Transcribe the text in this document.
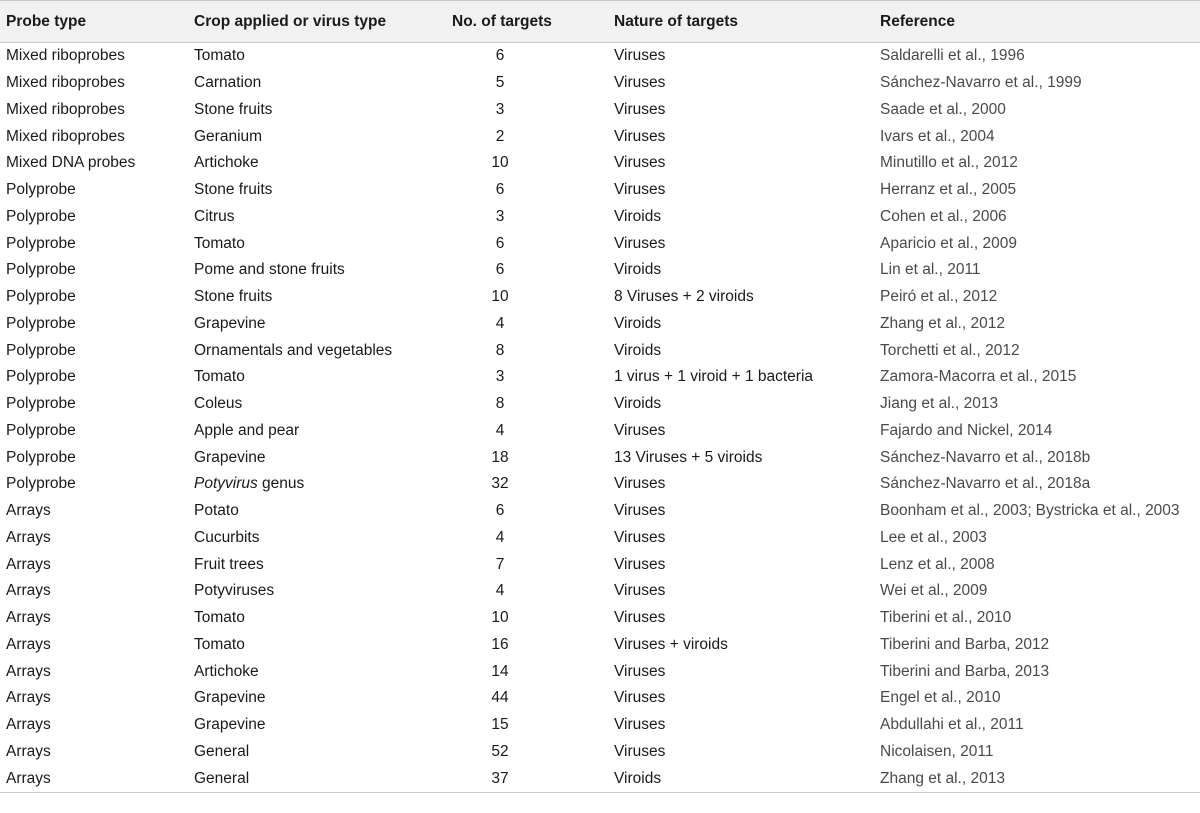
Probe type	Crop applied or virus type	No. of targets	Nature of targets	Reference
Mixed riboprobes	Tomato	6	Viruses	Saldarelli et al., 1996
Mixed riboprobes	Carnation	5	Viruses	Sánchez-Navarro et al., 1999
Mixed riboprobes	Stone fruits	3	Viruses	Saade et al., 2000
Mixed riboprobes	Geranium	2	Viruses	Ivars et al., 2004
Mixed DNA probes	Artichoke	10	Viruses	Minutillo et al., 2012
Polyprobe	Stone fruits	6	Viruses	Herranz et al., 2005
Polyprobe	Citrus	3	Viroids	Cohen et al., 2006
Polyprobe	Tomato	6	Viruses	Aparicio et al., 2009
Polyprobe	Pome and stone fruits	6	Viroids	Lin et al., 2011
Polyprobe	Stone fruits	10	8 Viruses + 2 viroids	Peiró et al., 2012
Polyprobe	Grapevine	4	Viroids	Zhang et al., 2012
Polyprobe	Ornamentals and vegetables	8	Viroids	Torchetti et al., 2012
Polyprobe	Tomato	3	1 virus + 1 viroid + 1 bacteria	Zamora-Macorra et al., 2015
Polyprobe	Coleus	8	Viroids	Jiang et al., 2013
Polyprobe	Apple and pear	4	Viruses	Fajardo and Nickel, 2014
Polyprobe	Grapevine	18	13 Viruses + 5 viroids	Sánchez-Navarro et al., 2018b
Polyprobe	Potyvirus genus	32	Viruses	Sánchez-Navarro et al., 2018a
Arrays	Potato	6	Viruses	Boonham et al., 2003; Bystricka et al., 2003
Arrays	Cucurbits	4	Viruses	Lee et al., 2003
Arrays	Fruit trees	7	Viruses	Lenz et al., 2008
Arrays	Potyviruses	4	Viruses	Wei et al., 2009
Arrays	Tomato	10	Viruses	Tiberini et al., 2010
Arrays	Tomato	16	Viruses + viroids	Tiberini and Barba, 2012
Arrays	Artichoke	14	Viruses	Tiberini and Barba, 2013
Arrays	Grapevine	44	Viruses	Engel et al., 2010
Arrays	Grapevine	15	Viruses	Abdullahi et al., 2011
Arrays	General	52	Viruses	Nicolaisen, 2011
Arrays	General	37	Viroids	Zhang et al., 2013
